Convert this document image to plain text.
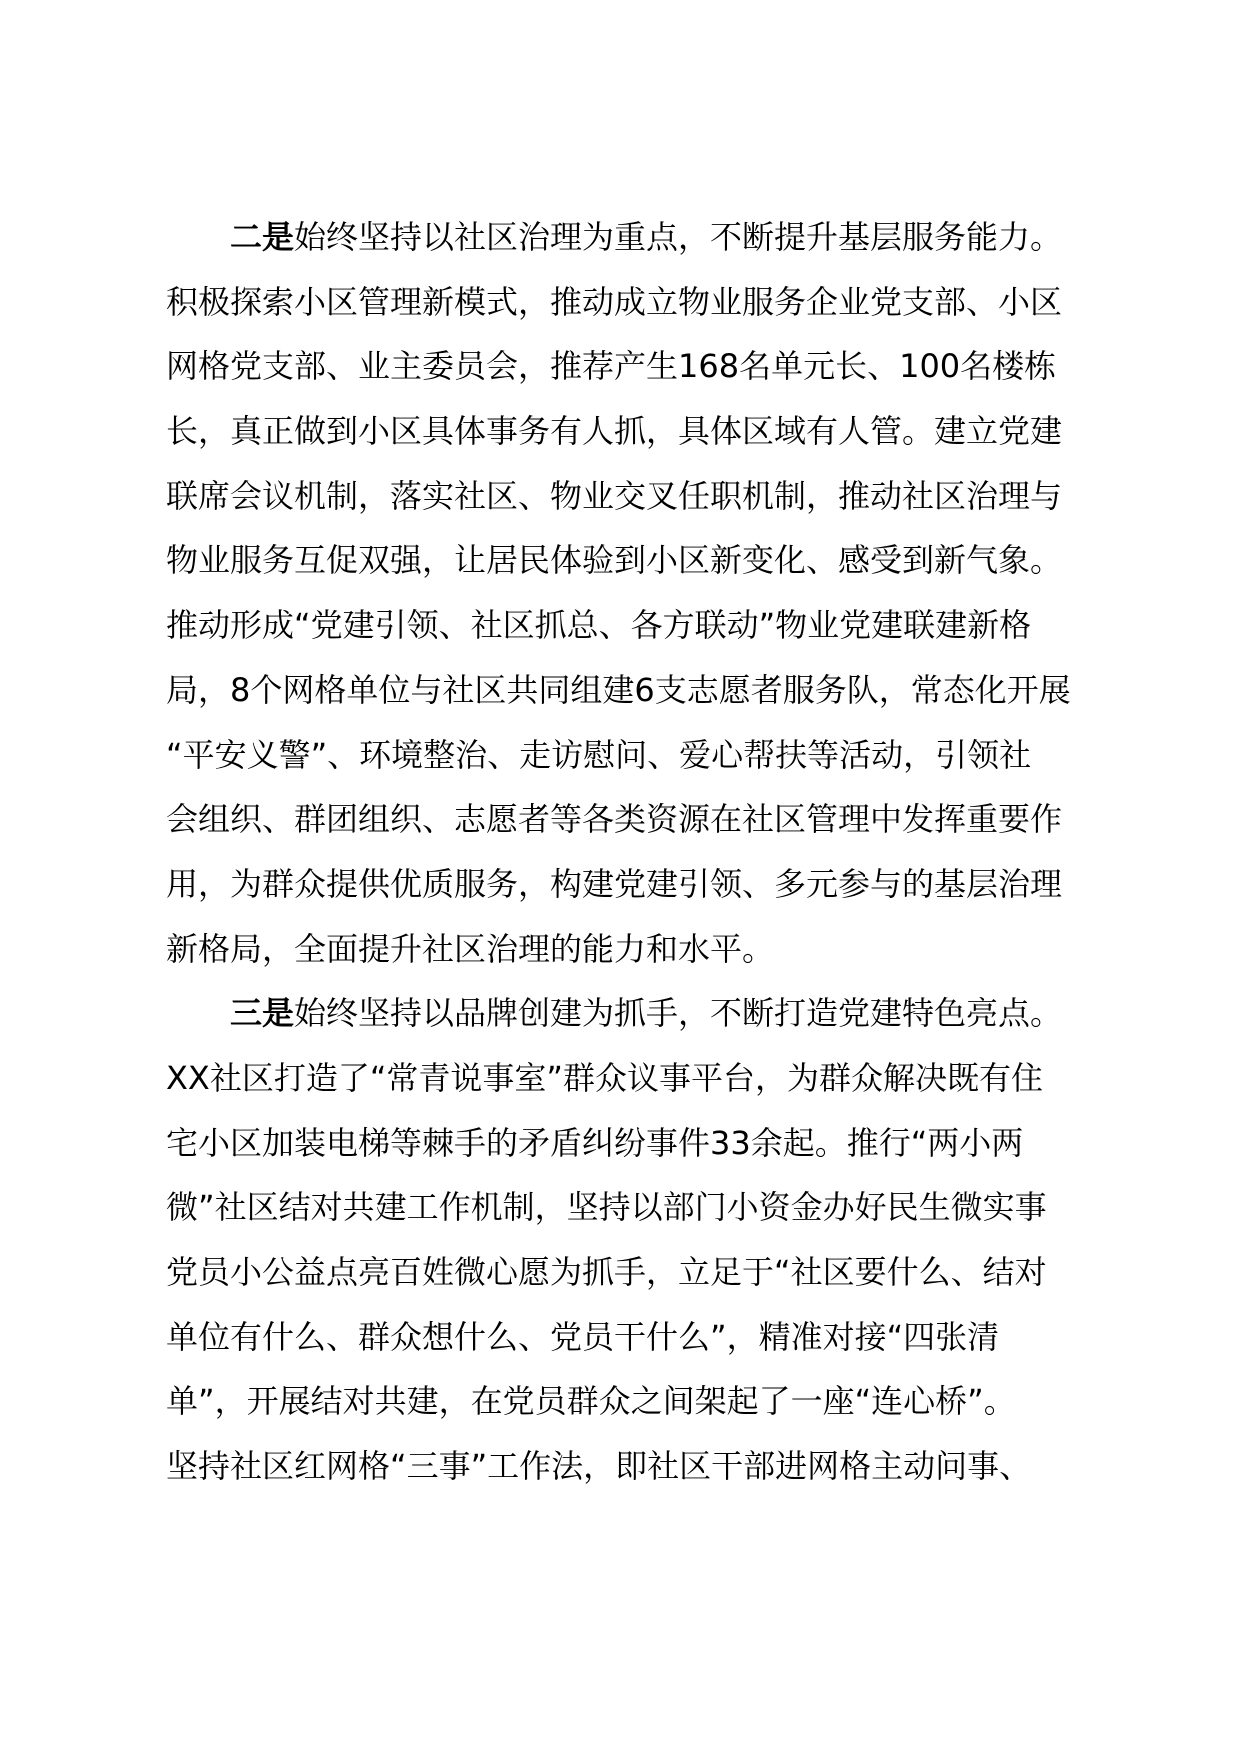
二是始终坚持以社区治理为重点，不断提升基层服务能力。
积极探索小区管理新模式，推动成立物业服务企业党支部、小区
网格党支部、业主委员会，推荐产生168名单元长、100名楼栋
长，真正做到小区具体事务有人抓，具体区域有人管。建立党建
联席会议机制，落实社区、物业交叉任职机制，推动社区治理与
物业服务互促双强，让居民体验到小区新变化、感受到新气象。
推动形成“党建引领、社区抓总、各方联动”物业党建联建新格
局，8个网格单位与社区共同组建6支志愿者服务队，常态化开展
“平安义警”、环境整治、走访慰问、爱心帮扶等活动，引领社
会组织、群团组织、志愿者等各类资源在社区管理中发挥重要作
用，为群众提供优质服务，构建党建引领、多元参与的基层治理
新格局，全面提升社区治理的能力和水平。
三是始终坚持以品牌创建为抓手，不断打造党建特色亮点。
XX社区打造了“常青说事室”群众议事平台，为群众解决既有住
宅小区加装电梯等棘手的矛盾纠纷事件33余起。推行“两小两
微”社区结对共建工作机制，坚持以部门小资金办好民生微实事
党员小公益点亮百姓微心愿为抓手，立足于“社区要什么、结对
单位有什么、群众想什么、党员干什么”，精准对接“四张清
单”，开展结对共建，在党员群众之间架起了一座“连心桥”。
坚持社区红网格“三事”工作法，即社区干部进网格主动问事、
